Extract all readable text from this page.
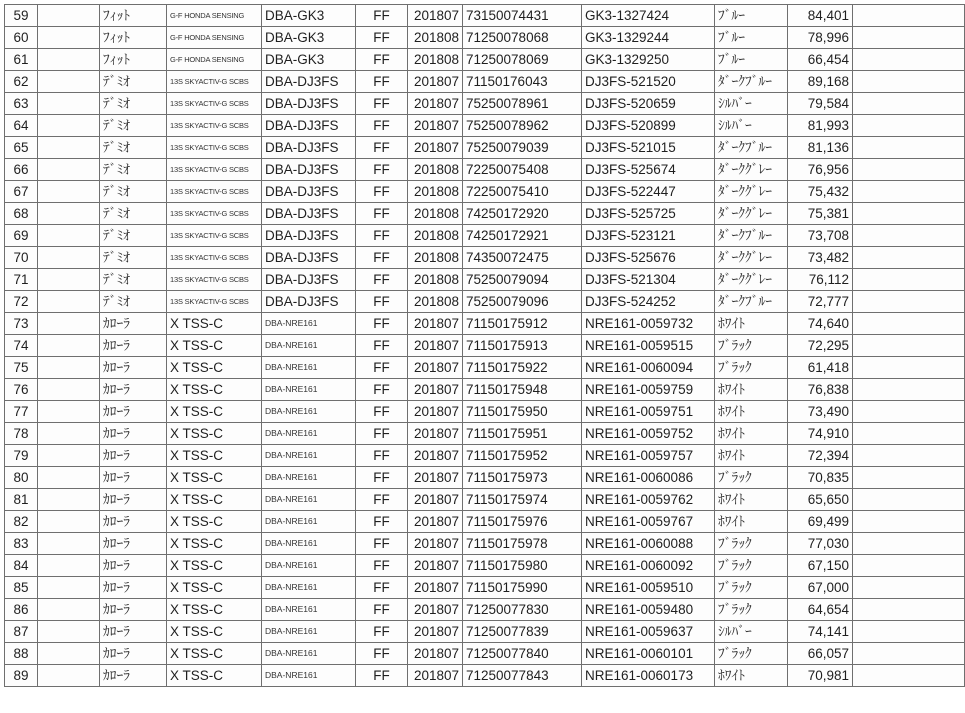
59		ﾌｨｯﾄ	G-F HONDA SENSING	DBA-GK3	FF	201807	73150074431	GK3-1327424	ﾌﾞﾙｰ	84,401	
60		ﾌｨｯﾄ	G-F HONDA SENSING	DBA-GK3	FF	201808	71250078068	GK3-1329244	ﾌﾞﾙｰ	78,996	
61		ﾌｨｯﾄ	G-F HONDA SENSING	DBA-GK3	FF	201808	71250078069	GK3-1329250	ﾌﾞﾙｰ	66,454	
62		ﾃﾞﾐｵ	13S SKYACTIV-G SCBS	DBA-DJ3FS	FF	201807	71150176043	DJ3FS-521520	ﾀﾞｰｸﾌﾞﾙｰ	89,168	
63		ﾃﾞﾐｵ	13S SKYACTIV-G SCBS	DBA-DJ3FS	FF	201807	75250078961	DJ3FS-520659	ｼﾙﾊﾞｰ	79,584	
64		ﾃﾞﾐｵ	13S SKYACTIV-G SCBS	DBA-DJ3FS	FF	201807	75250078962	DJ3FS-520899	ｼﾙﾊﾞｰ	81,993	
65		ﾃﾞﾐｵ	13S SKYACTIV-G SCBS	DBA-DJ3FS	FF	201807	75250079039	DJ3FS-521015	ﾀﾞｰｸﾌﾞﾙｰ	81,136	
66		ﾃﾞﾐｵ	13S SKYACTIV-G SCBS	DBA-DJ3FS	FF	201808	72250075408	DJ3FS-525674	ﾀﾞｰｸｸﾞﾚｰ	76,956	
67		ﾃﾞﾐｵ	13S SKYACTIV-G SCBS	DBA-DJ3FS	FF	201808	72250075410	DJ3FS-522447	ﾀﾞｰｸｸﾞﾚｰ	75,432	
68		ﾃﾞﾐｵ	13S SKYACTIV-G SCBS	DBA-DJ3FS	FF	201808	74250172920	DJ3FS-525725	ﾀﾞｰｸｸﾞﾚｰ	75,381	
69		ﾃﾞﾐｵ	13S SKYACTIV-G SCBS	DBA-DJ3FS	FF	201808	74250172921	DJ3FS-523121	ﾀﾞｰｸﾌﾞﾙｰ	73,708	
70		ﾃﾞﾐｵ	13S SKYACTIV-G SCBS	DBA-DJ3FS	FF	201808	74350072475	DJ3FS-525676	ﾀﾞｰｸｸﾞﾚｰ	73,482	
71		ﾃﾞﾐｵ	13S SKYACTIV-G SCBS	DBA-DJ3FS	FF	201808	75250079094	DJ3FS-521304	ﾀﾞｰｸｸﾞﾚｰ	76,112	
72		ﾃﾞﾐｵ	13S SKYACTIV-G SCBS	DBA-DJ3FS	FF	201808	75250079096	DJ3FS-524252	ﾀﾞｰｸﾌﾞﾙｰ	72,777	
73		ｶﾛｰﾗ	X TSS-C	DBA-NRE161	FF	201807	71150175912	NRE161-0059732	ﾎﾜｲﾄ	74,640	
74		ｶﾛｰﾗ	X TSS-C	DBA-NRE161	FF	201807	71150175913	NRE161-0059515	ﾌﾞﾗｯｸ	72,295	
75		ｶﾛｰﾗ	X TSS-C	DBA-NRE161	FF	201807	71150175922	NRE161-0060094	ﾌﾞﾗｯｸ	61,418	
76		ｶﾛｰﾗ	X TSS-C	DBA-NRE161	FF	201807	71150175948	NRE161-0059759	ﾎﾜｲﾄ	76,838	
77		ｶﾛｰﾗ	X TSS-C	DBA-NRE161	FF	201807	71150175950	NRE161-0059751	ﾎﾜｲﾄ	73,490	
78		ｶﾛｰﾗ	X TSS-C	DBA-NRE161	FF	201807	71150175951	NRE161-0059752	ﾎﾜｲﾄ	74,910	
79		ｶﾛｰﾗ	X TSS-C	DBA-NRE161	FF	201807	71150175952	NRE161-0059757	ﾎﾜｲﾄ	72,394	
80		ｶﾛｰﾗ	X TSS-C	DBA-NRE161	FF	201807	71150175973	NRE161-0060086	ﾌﾞﾗｯｸ	70,835	
81		ｶﾛｰﾗ	X TSS-C	DBA-NRE161	FF	201807	71150175974	NRE161-0059762	ﾎﾜｲﾄ	65,650	
82		ｶﾛｰﾗ	X TSS-C	DBA-NRE161	FF	201807	71150175976	NRE161-0059767	ﾎﾜｲﾄ	69,499	
83		ｶﾛｰﾗ	X TSS-C	DBA-NRE161	FF	201807	71150175978	NRE161-0060088	ﾌﾞﾗｯｸ	77,030	
84		ｶﾛｰﾗ	X TSS-C	DBA-NRE161	FF	201807	71150175980	NRE161-0060092	ﾌﾞﾗｯｸ	67,150	
85		ｶﾛｰﾗ	X TSS-C	DBA-NRE161	FF	201807	71150175990	NRE161-0059510	ﾌﾞﾗｯｸ	67,000	
86		ｶﾛｰﾗ	X TSS-C	DBA-NRE161	FF	201807	71250077830	NRE161-0059480	ﾌﾞﾗｯｸ	64,654	
87		ｶﾛｰﾗ	X TSS-C	DBA-NRE161	FF	201807	71250077839	NRE161-0059637	ｼﾙﾊﾞｰ	74,141	
88		ｶﾛｰﾗ	X TSS-C	DBA-NRE161	FF	201807	71250077840	NRE161-0060101	ﾌﾞﾗｯｸ	66,057	
89		ｶﾛｰﾗ	X TSS-C	DBA-NRE161	FF	201807	71250077843	NRE161-0060173	ﾎﾜｲﾄ	70,981	
